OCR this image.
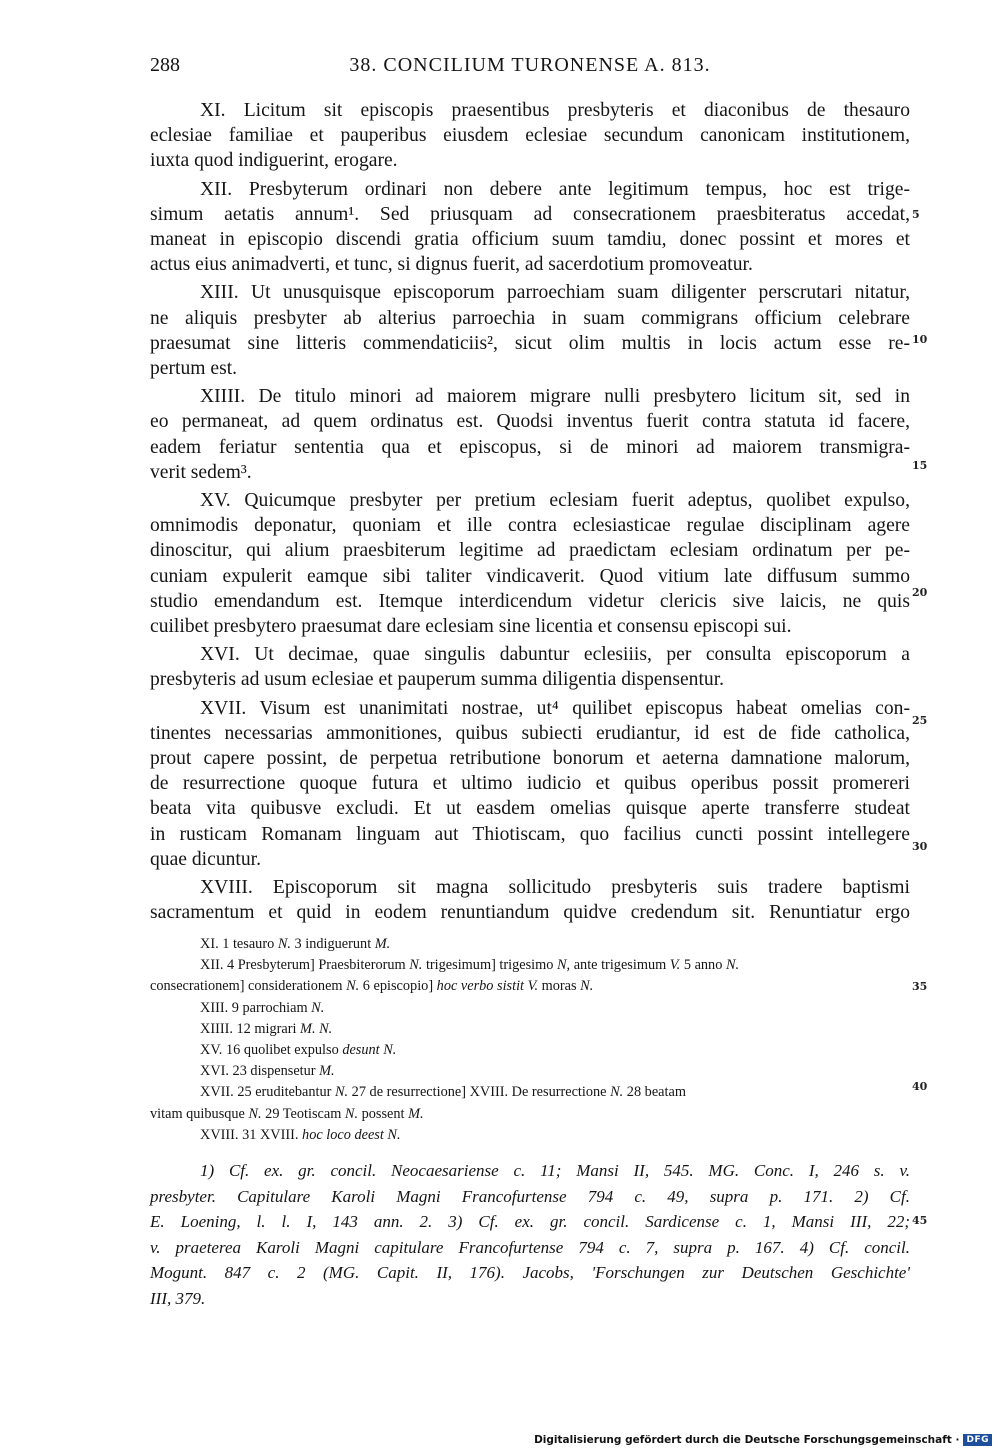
288	38. CONCILIUM TURONENSE A. 813.
XI. Licitum sit episcopis praesentibus presbyteris et diaconibus de thesauro
eclesiae familiae et pauperibus eiusdem eclesiae secundum canonicam institutionem,
iuxta quod indiguerint, erogare.
XII. Presbyterum ordinari non debere ante legitimum tempus, hoc est trige-
simum aetatis annum¹. Sed priusquam ad consecrationem praesbiteratus accedat,
maneat in episcopio discendi gratia officium suum tamdiu, donec possint et mores et
actus eius animadverti, et tunc, si dignus fuerit, ad sacerdotium promoveatur.
XIII. Ut unusquisque episcoporum parroechiam suam diligenter perscrutari nitatur,
ne aliquis presbyter ab alterius parroechia in suam commigrans officium celebrare
praesumat sine litteris commendaticiis², sicut olim multis in locis actum esse re-
pertum est.
XIIII. De titulo minori ad maiorem migrare nulli presbytero licitum sit, sed in
eo permaneat, ad quem ordinatus est. Quodsi inventus fuerit contra statuta id facere,
eadem feriatur sententia qua et episcopus, si de minori ad maiorem transmigra-
verit sedem³.
XV. Quicumque presbyter per pretium eclesiam fuerit adeptus, quolibet expulso,
omnimodis deponatur, quoniam et ille contra eclesiasticae regulae disciplinam agere
dinoscitur, qui alium praesbiterum legitime ad praedictam eclesiam ordinatum per pe-
cuniam expulerit eamque sibi taliter vindicaverit. Quod vitium late diffusum summo
studio emendandum est. Itemque interdicendum videtur clericis sive laicis, ne quis
cuilibet presbytero praesumat dare eclesiam sine licentia et consensu episcopi sui.
XVI. Ut decimae, quae singulis dabuntur eclesiiis, per consulta episcoporum a
presbyteris ad usum eclesiae et pauperum summa diligentia dispensentur.
XVII. Visum est unanimitati nostrae, ut⁴ quilibet episcopus habeat omelias con-
tinentes necessarias ammonitiones, quibus subiecti erudiantur, id est de fide catholica,
prout capere possint, de perpetua retributione bonorum et aeterna damnatione malorum,
de resurrectione quoque futura et ultimo iudicio et quibus operibus possit promereri
beata vita quibusve excludi. Et ut easdem omelias quisque aperte transferre studeat
in rusticam Romanam linguam aut Thiotiscam, quo facilius cuncti possint intellegere
quae dicuntur.
XVIII. Episcoporum sit magna sollicitudo presbyteris suis tradere baptismi
sacramentum et quid in eodem renuntiandum quidve credendum sit. Renuntiatur ergo
5
10
15
20
25
30
35
40
45
XI. 1 tesauro N. 3 indiguerunt M.
XII. 4 Presbyterum] Praesbiterorum N. trigesimum] trigesimo N, ante trigesimum V. 5 anno N.
consecrationem] considerationem N. 6 episcopio] hoc verbo sistit V. moras N.
XIII. 9 parrochiam N.
XIIII. 12 migrari M. N.
XV. 16 quolibet expulso desunt N.
XVI. 23 dispensetur M.
XVII. 25 eruditebantur N. 27 de resurrectione] XVIII. De resurrectione N. 28 beatam
vitam quibusque N. 29 Teotiscam N. possent M.
XVIII. 31 XVIII. hoc loco deest N.
1) Cf. ex. gr. concil. Neocaesariense c. 11; Mansi II, 545. MG. Conc. I, 246 s. v.
presbyter. Capitulare Karoli Magni Francofurtense 794 c. 49, supra p. 171. 2) Cf.
E. Loening, l. l. I, 143 ann. 2. 3) Cf. ex. gr. concil. Sardicense c. 1, Mansi III, 22;
v. praeterea Karoli Magni capitulare Francofurtense 794 c. 7, supra p. 167. 4) Cf. concil.
Mogunt. 847 c. 2 (MG. Capit. II, 176). Jacobs, 'Forschungen zur Deutschen Geschichte'
III, 379.
Digitalisierung gefördert durch die Deutsche Forschungsgemeinschaft · DFG
